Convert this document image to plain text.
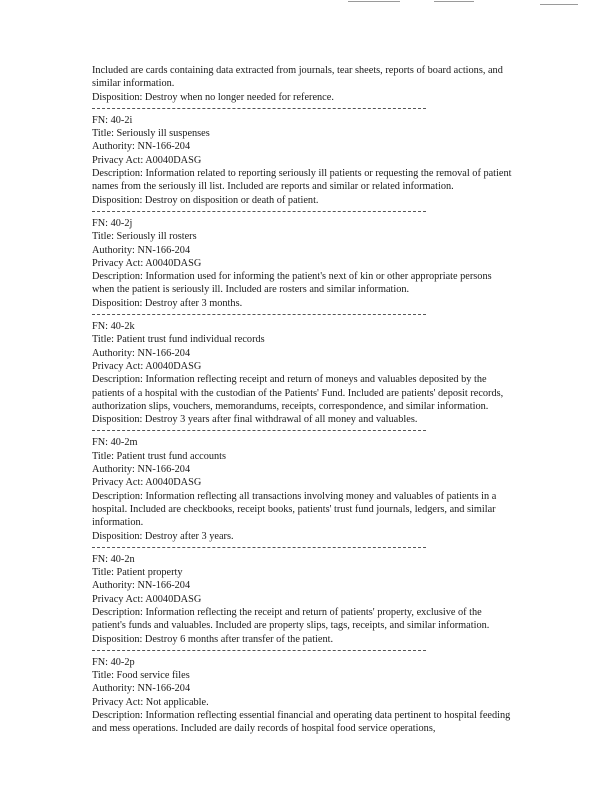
Included are cards containing data extracted from journals, tear sheets, reports of board actions, and similar information.
Disposition: Destroy when no longer needed for reference.
FN: 40-2i
Title: Seriously ill suspenses
Authority: NN-166-204
Privacy Act: A0040DASG
Description: Information related to reporting seriously ill patients or requesting the removal of patient names from the seriously ill list. Included are reports and similar or related information.
Disposition: Destroy on disposition or death of patient.
FN: 40-2j
Title: Seriously ill rosters
Authority: NN-166-204
Privacy Act: A0040DASG
Description: Information used for informing the patient's next of kin or other appropriate persons when the patient is seriously ill. Included are rosters and similar information.
Disposition: Destroy after 3 months.
FN: 40-2k
Title: Patient trust fund individual records
Authority: NN-166-204
Privacy Act: A0040DASG
Description: Information reflecting receipt and return of moneys and valuables deposited by the patients of a hospital with the custodian of the Patients' Fund. Included are patients' deposit records, authorization slips, vouchers, memorandums, receipts, correspondence, and similar information.
Disposition: Destroy 3 years after final withdrawal of all money and valuables.
FN: 40-2m
Title: Patient trust fund accounts
Authority: NN-166-204
Privacy Act: A0040DASG
Description: Information reflecting all transactions involving money and valuables of patients in a hospital. Included are checkbooks, receipt books, patients' trust fund journals, ledgers, and similar information.
Disposition: Destroy after 3 years.
FN: 40-2n
Title: Patient property
Authority: NN-166-204
Privacy Act: A0040DASG
Description: Information reflecting the receipt and return of patients' property, exclusive of the patient's funds and valuables. Included are property slips, tags, receipts, and similar information.
Disposition: Destroy 6 months after transfer of the patient.
FN: 40-2p
Title: Food service files
Authority: NN-166-204
Privacy Act: Not applicable.
Description: Information reflecting essential financial and operating data pertinent to hospital feeding and mess operations. Included are daily records of hospital food service operations,
